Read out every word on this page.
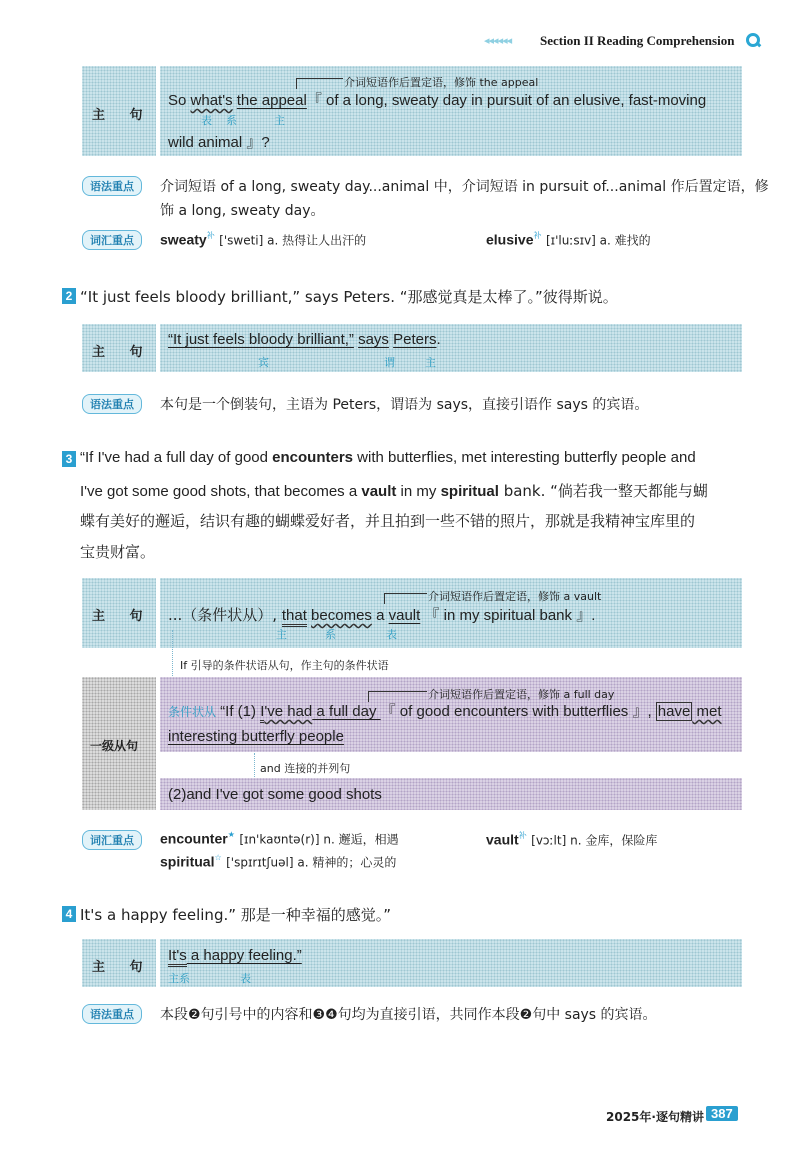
◂◂◂◂◂◂ Section II Reading Comprehension
主 句
介词短语作后置定语，修饰 the appeal
So what's the appeal『 of a long, sweaty day in pursuit of an elusive, fast-moving
表 系	主
wild animal 』?
语法重点	介词短语 of a long, sweaty day...animal 中，介词短语 in pursuit of...animal 作后置定语，修
饰 a long, sweaty day。
词汇重点	sweaty$^补$ ['sweti] a. 热得让人出汗的	elusive$^补$ [ɪ'luːsɪv] a. 难找的
2 “It just feels bloody brilliant,” says Peters. “那感觉真是太棒了。”彼得斯说。
主 句
“It just feels bloody brilliant,” says Peters.
宾	谓	主
语法重点	本句是一个倒装句，主语为 Peters，谓语为 says，直接引语作 says 的宾语。
3 “If I've had a full day of good encounters with butterflies, met interesting butterfly people and
I've got some good shots, that becomes a vault in my spiritual bank. “倘若我一整天都能与蝴
蝶有美好的邂逅，结识有趣的蝴蝶爱好者，并且拍到一些不错的照片，那就是我精神宝库里的
宝贵财富。
主 句
介词短语作后置定语，修饰 a vault
...（条件状从）, that becomes a vault 『 in my spiritual bank 』.
主	系	表
If 引导的条件状语从句，作主句的条件状语
一级从句
介词短语作后置定语，修饰 a full day
条件状从 “If (1) I've had a full day 『 of good encounters with butterflies 』, have met
interesting butterfly people
and 连接的并列句
(2)and I've got some good shots
词汇重点	encounter★ [ɪn'kaʊntə(r)] n. 邂逅，相遇	vault$^补$ [vɔːlt] n. 金库，保险库
spiritual☆ ['spɪrɪtʃuəl] a. 精神的；心灵的
4 It's a happy feeling.” 那是一种幸福的感觉。”
主 句
It's a happy feeling.”
主系	表
语法重点	本段❷句引号中的内容和❸❹句均为直接引语，共同作本段❷句中 says 的宾语。
2025年·逐句精讲 387
